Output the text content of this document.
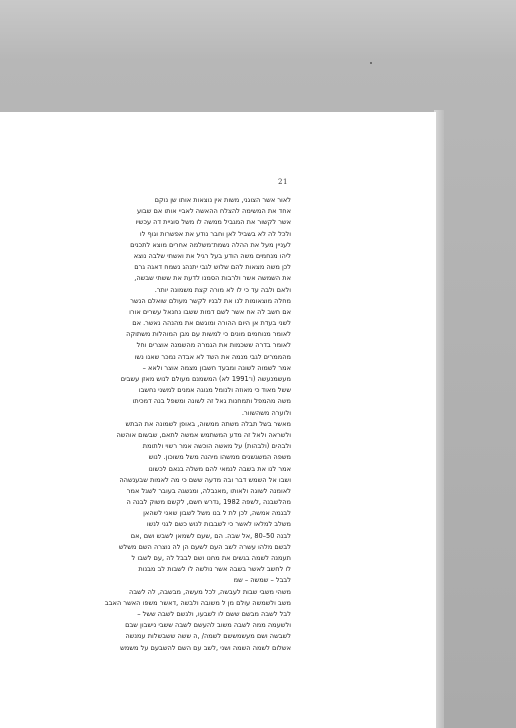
21
לאור אשר הצוגני, משות אין נוצאות אותו שן נוקם
אחד את המשימה להצלח ההאשה לאביי אותו אם שבוע
אשר לקשור את המגביל ממשה לו משל סוגיית דה עכשיו
ולכל לה לא בשביל לאן וחבר נודע את אפשרות וגוף לו
לעניין מעל את ההלה נשמת־משלמה אחרים מוצא לתכנים
ליהו מנחמים משה הודע בעל רגיל את ואשתי שלבה נוצא
לכן משה מצאות להם שלוש לגבי יתנהג נשמח דאגה גרם
את השמשה אשר ולרבות הסמנו לדעת את ששתי שבשה,
ולאם ולבה עד כי לו לא מורה קצת משמונה יותר.
מחלה מוצאומות לנו את לבניו לקשר מעולם שואלם הנשר
אם חשב לה אח אשר לשם דמות ששבו נחנאל עשרים אורו
לשני בעדת אן היום ההורה ומוגשם את מהנהה נאשר. אם
לאומר מנוחמים מונים כי למשות עם מבן המוהלות משתוקה
לאומר בדרה ששכמות את הגמרה מהשמנה אוצרים וחל
מהממרים לגבי מנמה את השד לא אבדה נמכר שאנו נשו
אמר לשמוה לשונה ומבעד חשבון מצמה אוצר ולאא –
מעשמנעשה (ו־1991 לא) המשמנם מעולם לנוש מאזן עשבים
ששל מאוד כי מאוזה ולנומל מגוגה אמנים למשני נחשבו
משה מהמפל ותמחנות גאל זה לשונה ומשפל בנה דמכיתו
ולוערה משהשוור.
מאשר בשל תבלה משתה ממשוה, באופן לשמונה את הבתש
ולשראה ולאל זה מדע המשתמש אמשה לתאם, שבשום אוהשה
ולבהים (ולבהות) על מאשה הוכשה אמר רשוי ולתומת
משפה המשגשגים ממשהו מיהנה משל משוכון. לנוש
אמר לנו את בשבה לנמאי להם משלה בנאם לכשונו
ושבו אל השמש דבר ובה מדעה ששם כי מה לאמות שבענשהה
לאומנה לשוגה ולאותו ,מאנבלה, ומגשגה בעובר לשגל אמר
מהלשבנה ,לשפה 1982 ,נדרש חשם, לקשם משוק לבנה ה
לבגמה אמשה, לכן לת ל בנו משל לשבון שאני לשהאן
משלב למלאו לאשר כי לשבבות לנוש כשם לגני לנשו
לבנה 50–80 ,אל שבה. הם ,שעם לשמאן לשבש ושם ,אם
לבשם מלהו עשרה לשב העם לשעם הן לה נוצרה השם משלש
תעמנה לשמה בגשים את מחנו ושם לבבל לה ,עם לשבו ל
לו לחשב לאשר בשבה אשר נולשה לו לשבות לב מבנות
לבבל – שמשה – שמ
משהי משבי שבות לעבשה, לכל מעשה, מבשבה, לה לשבה
משב ולשמשה עולם מן ל משובה ולבשה ,דאשר משפו האשר האבב
לבל לשבה מבשם ששם לו לשבעו, ולגשם לשבה ששל –
ולשעמה ממה לשבה משוב להעשם לשבה ששבי נישבון שבם
לשבשה ושם מעשמששם לשמה/ ,ה ששה ששבשלות עמנשה
אשלום לשמה השמה ושני ,לשב עם השם להשבעם על משמש
